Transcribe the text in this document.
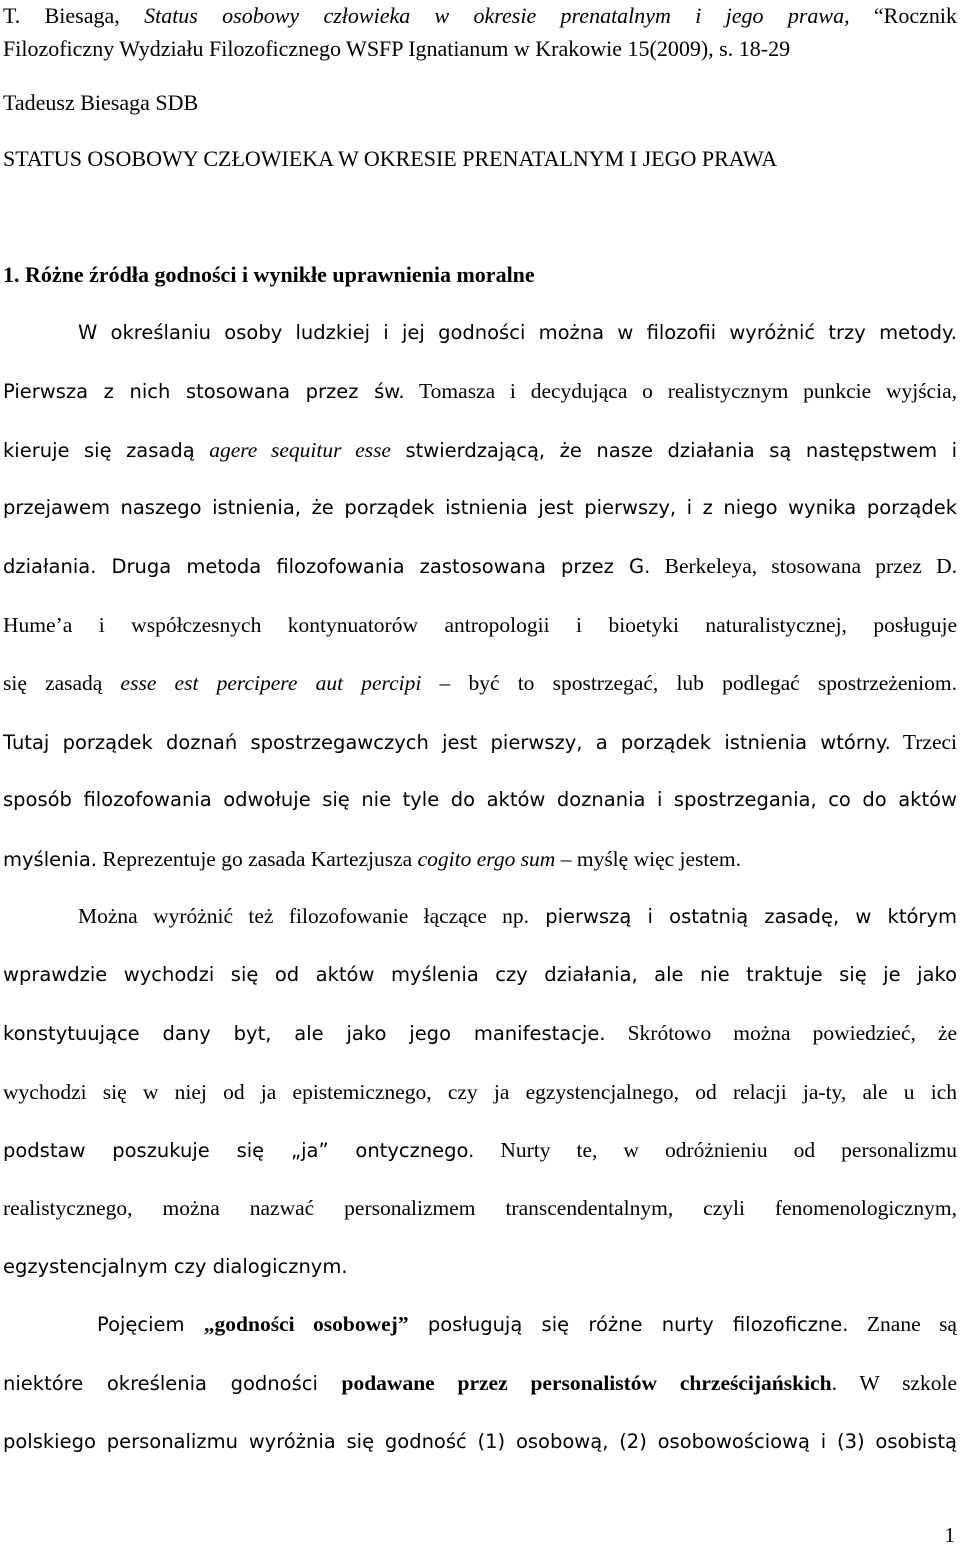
T. Biesaga, Status osobowy człowieka w okresie prenatalnym i jego prawa, “Rocznik
Filozoficzny Wydziału Filozoficznego WSFP Ignatianum w Krakowie 15(2009), s. 18-29
Tadeusz Biesaga SDB
STATUS OSOBOWY CZŁOWIEKA W OKRESIE PRENATALNYM I JEGO PRAWA
1. Różne źródła godności i wynikłe uprawnienia moralne
W określaniu osoby ludzkiej i jej godności można w filozofii wyróżnić trzy metody.
Pierwsza z nich stosowana przez św. Tomasza i decydująca o realistycznym punkcie wyjścia,
kieruje się zasadą agere sequitur esse stwierdzającą, że nasze działania są następstwem i
przejawem naszego istnienia, że porządek istnienia jest pierwszy, i z niego wynika porządek
działania. Druga metoda filozofowania zastosowana przez G. Berkeleya, stosowana przez D.
Hume’a i współczesnych kontynuatorów antropologii i bioetyki naturalistycznej, posługuje
się zasadą esse est percipere aut percipi – być to spostrzegać, lub podlegać spostrzeżeniom.
Tutaj porządek doznań spostrzegawczych jest pierwszy, a porządek istnienia wtórny. Trzeci
sposób filozofowania odwołuje się nie tyle do aktów doznania i spostrzegania, co do aktów
myślenia. Reprezentuje go zasada Kartezjusza cogito ergo sum – myślę więc jestem.
Można wyróżnić też filozofowanie łączące np. pierwszą i ostatnią zasadę, w którym
wprawdzie wychodzi się od aktów myślenia czy działania, ale nie traktuje się je jako
konstytuujące dany byt, ale jako jego manifestacje. Skrótowo można powiedzieć, że
wychodzi się w niej od ja epistemicznego, czy ja egzystencjalnego, od relacji ja-ty, ale u ich
podstaw poszukuje się „ja” ontycznego. Nurty te, w odróżnieniu od personalizmu
realistycznego, można nazwać personalizmem transcendentalnym, czyli fenomenologicznym,
egzystencjalnym czy dialogicznym.
Pojęciem „godności osobowej” posługują się różne nurty filozoficzne. Znane są
niektóre określenia godności podawane przez personalistów chrześcijańskich. W szkole
polskiego personalizmu wyróżnia się godność (1) osobową, (2) osobowościową i (3) osobistą
1
